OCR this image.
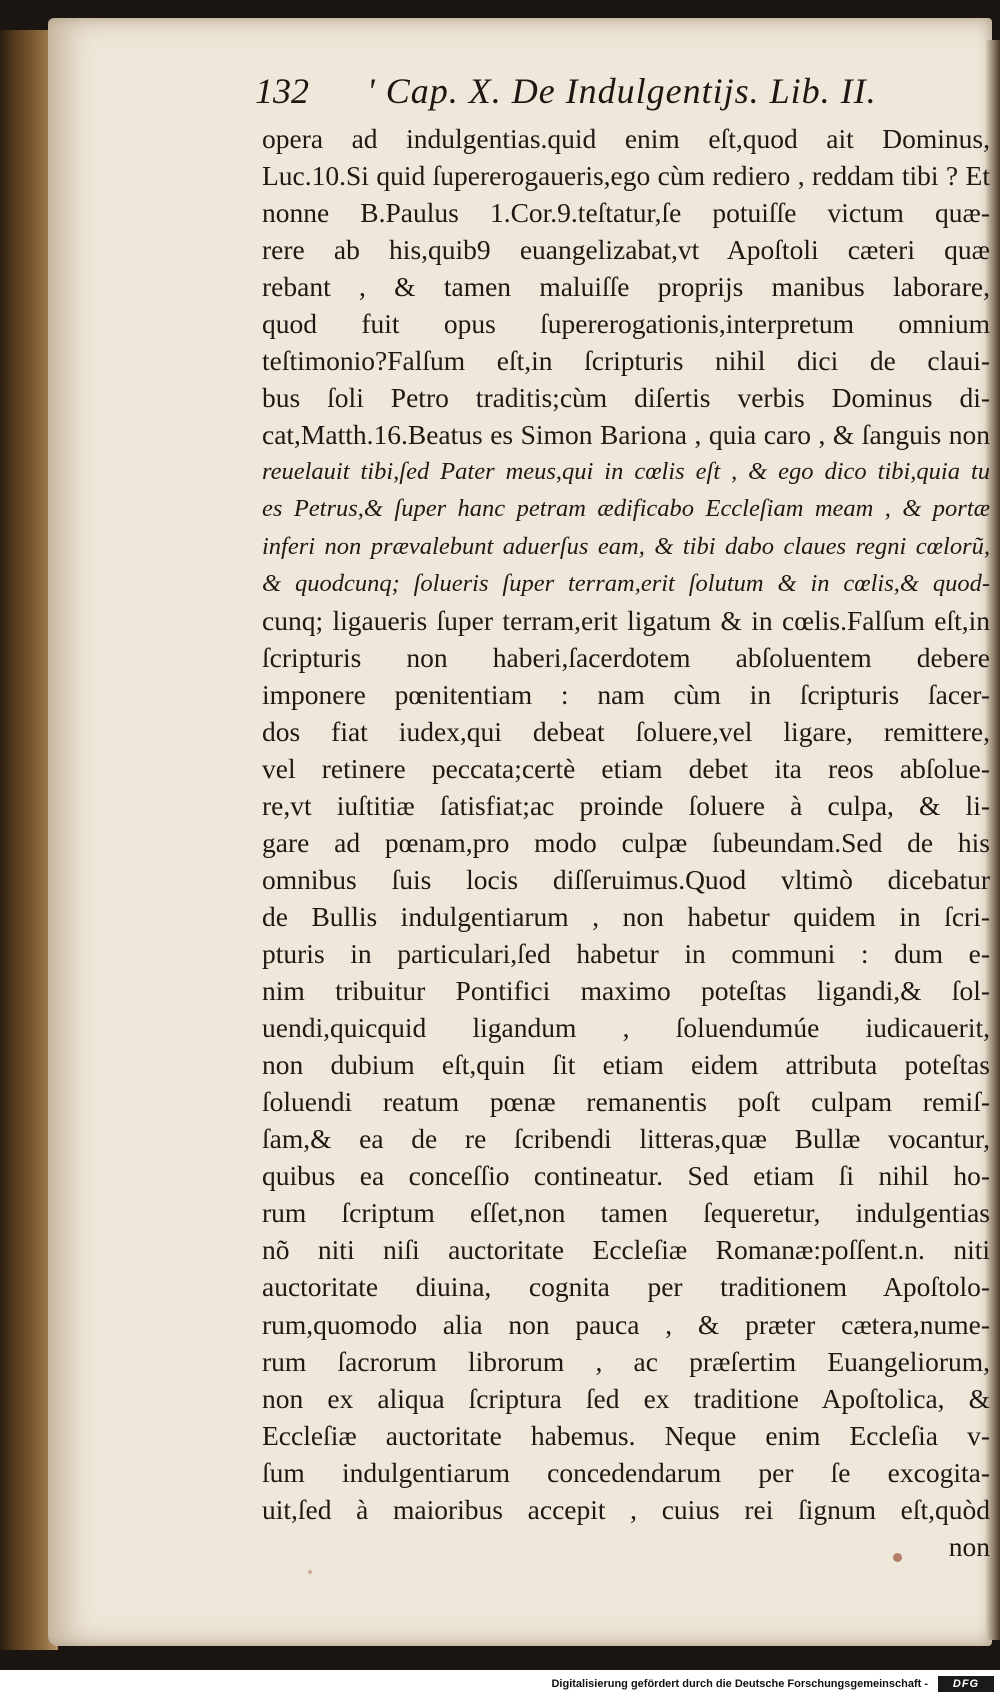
132 ' Cap. X. De Indulgentijs. Lib. II.
opera ad indulgentias.quid enim eſt,quod ait Dominus,
Luc.10.Si quid ſupererogaueris,ego cùm rediero , reddam tibi ? Et
nonne B.Paulus 1.Cor.9.teſtatur,ſe potuiſſe victum quæ-
rere ab his,quib9 euangelizabat,vt Apoſtoli cæteri quæ
rebant , & tamen maluiſſe proprijs manibus laborare,
quod fuit opus ſupererogationis,interpretum omnium
teſtimonio?Falſum eſt,in ſcripturis nihil dici de claui-
bus ſoli Petro traditis;cùm diſertis verbis Dominus di-
cat,Matth.16.Beatus es Simon Bariona , quia caro , & ſanguis non
reuelauit tibi,ſed Pater meus,qui in cœlis eſt , & ego dico tibi,quia tu
es Petrus,& ſuper hanc petram ædificabo Eccleſiam meam , & portæ
inferi non prævalebunt aduerſus eam, & tibi dabo claues regni cœlorũ,
& quodcunq; ſolueris ſuper terram,erit ſolutum & in cœlis,& quod-
cunq; ligaueris ſuper terram,erit ligatum & in cœlis.Falſum eſt,in
ſcripturis non haberi,ſacerdotem abſoluentem debere
imponere pœnitentiam : nam cùm in ſcripturis ſacer-
dos fiat iudex,qui debeat ſoluere,vel ligare, remittere,
vel retinere peccata;certè etiam debet ita reos abſolue-
re,vt iuſtitiæ ſatisfiat;ac proinde ſoluere à culpa, & li-
gare ad pœnam,pro modo culpæ ſubeundam.Sed de his
omnibus ſuis locis diſſeruimus.Quod vltimò dicebatur
de Bullis indulgentiarum , non habetur quidem in ſcri-
pturis in particulari,ſed habetur in communi : dum e-
nim tribuitur Pontifici maximo poteſtas ligandi,& ſol-
uendi,quicquid ligandum , ſoluendumúe iudicauerit,
non dubium eſt,quin ſit etiam eidem attributa poteſtas
ſoluendi reatum pœnæ remanentis poſt culpam remiſ-
ſam,& ea de re ſcribendi litteras,quæ Bullæ vocantur,
quibus ea conceſſio contineatur. Sed etiam ſi nihil ho-
rum ſcriptum eſſet,non tamen ſequeretur, indulgentias
nõ niti niſi auctoritate Eccleſiæ Romanæ:poſſent.n. niti
auctoritate diuina, cognita per traditionem Apoſtolo-
rum,quomodo alia non pauca , & præter cætera,nume-
rum ſacrorum librorum , ac præſertim Euangeliorum,
non ex aliqua ſcriptura ſed ex traditione Apoſtolica, &
Eccleſiæ auctoritate habemus. Neque enim Eccleſia v-
ſum indulgentiarum concedendarum per ſe excogita-
uit,ſed à maioribus accepit , cuius rei ſignum eſt,quòd
non
Digitalisierung gefördert durch die Deutsche Forschungsgemeinschaft -	DFG
